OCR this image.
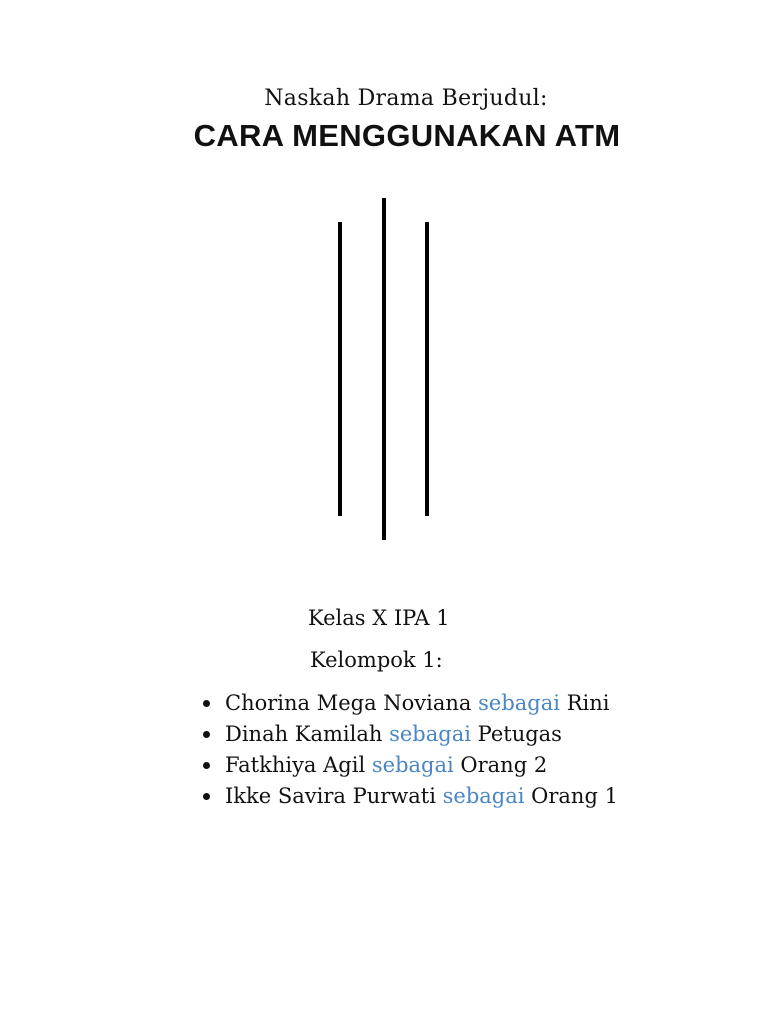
Naskah Drama Berjudul:
CARA MENGGUNAKAN ATM
Kelas X IPA 1
Kelompok 1:
Chorina Mega Noviana sebagai Rini
Dinah Kamilah sebagai Petugas
Fatkhiya Agil sebagai Orang 2
Ikke Savira Purwati sebagai Orang 1
